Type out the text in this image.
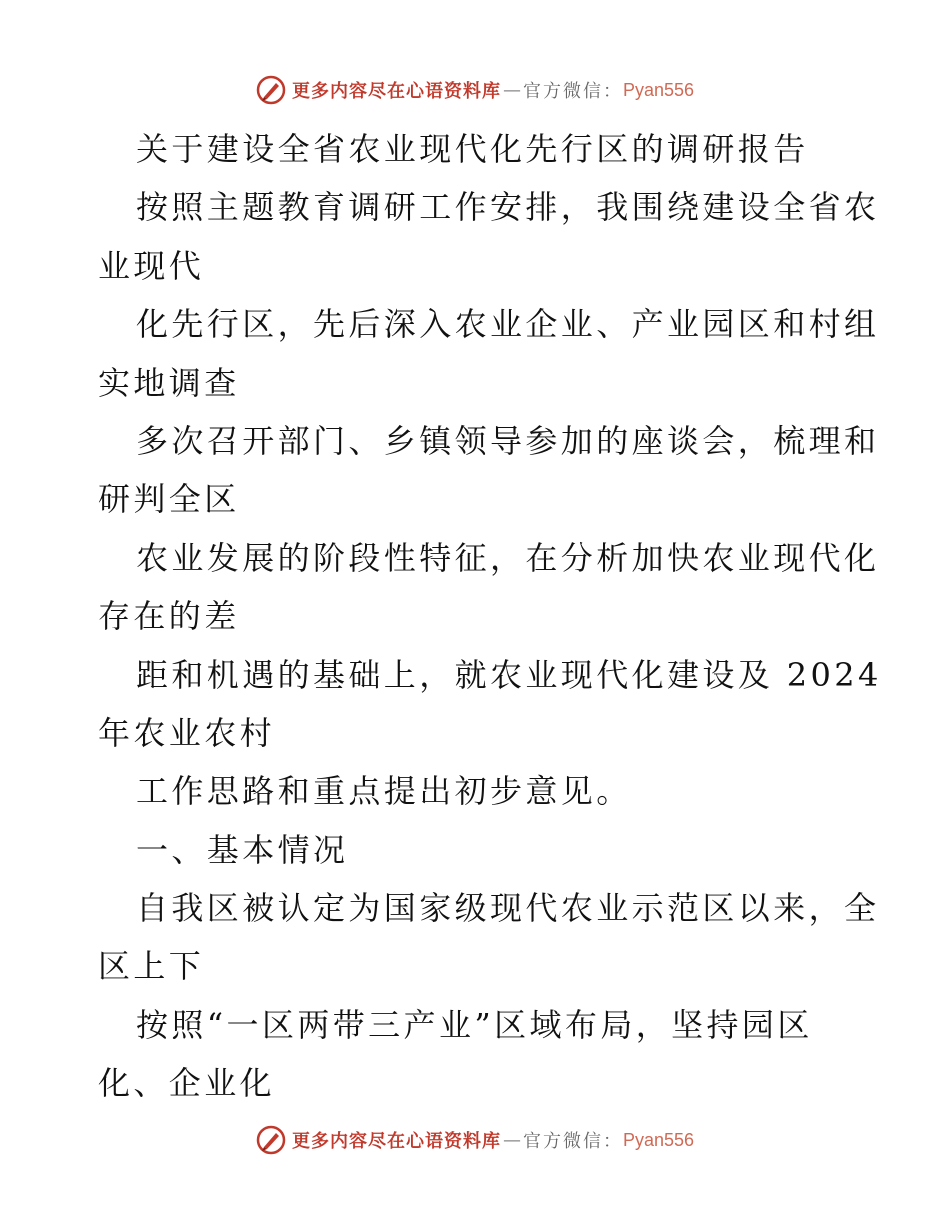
更多内容尽在心语资料库 — 官方微信： Pyan556
关于建设全省农业现代化先行区的调研报告
按照主题教育调研工作安排，我围绕建设全省农
业现代
化先行区，先后深入农业企业、产业园区和村组
实地调查
多次召开部门、乡镇领导参加的座谈会，梳理和
研判全区
农业发展的阶段性特征，在分析加快农业现代化
存在的差
距和机遇的基础上，就农业现代化建设及 2024
年农业农村
工作思路和重点提出初步意见。
一、基本情况
自我区被认定为国家级现代农业示范区以来，全
区上下
按照“一区两带三产业”区域布局，坚持园区
化、企业化
更多内容尽在心语资料库 — 官方微信： Pyan556
